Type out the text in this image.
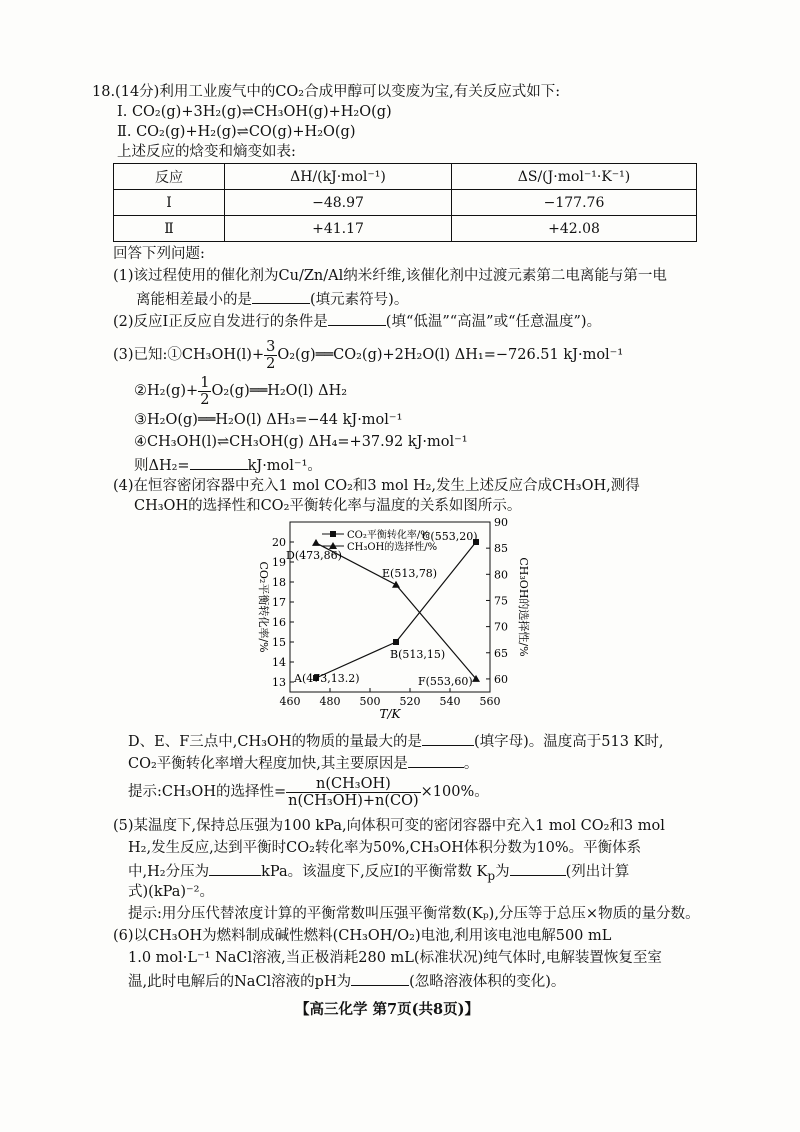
18.(14分)利用工业废气中的CO₂合成甲醇可以变废为宝,有关反应式如下:
Ⅰ. CO₂(g)+3H₂(g)⇌CH₃OH(g)+H₂O(g)
Ⅱ. CO₂(g)+H₂(g)⇌CO(g)+H₂O(g)
上述反应的焓变和熵变如表:
反应	ΔH/(kJ·mol⁻¹)	ΔS/(J·mol⁻¹·K⁻¹)
Ⅰ	−48.97	−177.76
Ⅱ	+41.17	+42.08
回答下列问题:
(1)该过程使用的催化剂为Cu/Zn/Al纳米纤维,该催化剂中过渡元素第二电离能与第一电
离能相差最小的是	(填元素符号)。
(2)反应Ⅰ正反应自发进行的条件是	(填“低温”“高温”或“任意温度”)。
(3)已知:①CH₃OH(l)+ $\frac{3}{2}$ O₂(g)══CO₂(g)+2H₂O(l) ΔH₁=−726.51 kJ·mol⁻¹
②H₂(g)+ $\frac{1}{2}$ O₂(g)══H₂O(l) ΔH₂
③H₂O(g)══H₂O(l) ΔH₃=−44 kJ·mol⁻¹
④CH₃OH(l)⇌CH₃OH(g) ΔH₄=+37.92 kJ·mol⁻¹
则ΔH₂=	kJ·mol⁻¹。
(4)在恒容密闭容器中充入1 mol CO₂和3 mol H₂,发生上述反应合成CH₃OH,测得
CH₃OH的选择性和CO₂平衡转化率与温度的关系如图所示。
460 480 500 520 540 560
13
14
15
16
17
18
19
20
60
65
70
75
80
85
90
T/K
CO₂平衡转化率/%	CH₃OH的选择性/%
CO₂平衡转化率/%
CH₃OH的选择性/%
A(473,13.2)
B(513,15)
C(553,20)
D(473,86)
E(513,78)
F(553,60)
D、E、F三点中,CH₃OH的物质的量最大的是	(填字母)。温度高于513 K时,
CO₂平衡转化率增大程度加快,其主要原因是	。
提示:CH₃OH的选择性= $\frac{\text{n(CH₃OH)}}{\text{n(CH₃OH)+n(CO)}} \times 100\%$。
(5)某温度下,保持总压强为100 kPa,向体积可变的密闭容器中充入1 mol CO₂和3 mol
H₂,发生反应,达到平衡时CO₂转化率为50%,CH₃OH体积分数为10%。平衡体系
中,H₂分压为	kPa。该温度下,反应Ⅰ的平衡常数 $K_p$为	(列出计算
式)(kPa)⁻²。
提示:用分压代替浓度计算的平衡常数叫压强平衡常数(Kₚ),分压等于总压×物质的量分数。
(6)以CH₃OH为燃料制成碱性燃料(CH₃OH/O₂)电池,利用该电池电解500 mL
1.0 mol·L⁻¹ NaCl溶液,当正极消耗280 mL(标准状况)纯气体时,电解装置恢复至室
温,此时电解后的NaCl溶液的pH为	(忽略溶液体积的变化)。
【高三化学 第7页(共8页)】
